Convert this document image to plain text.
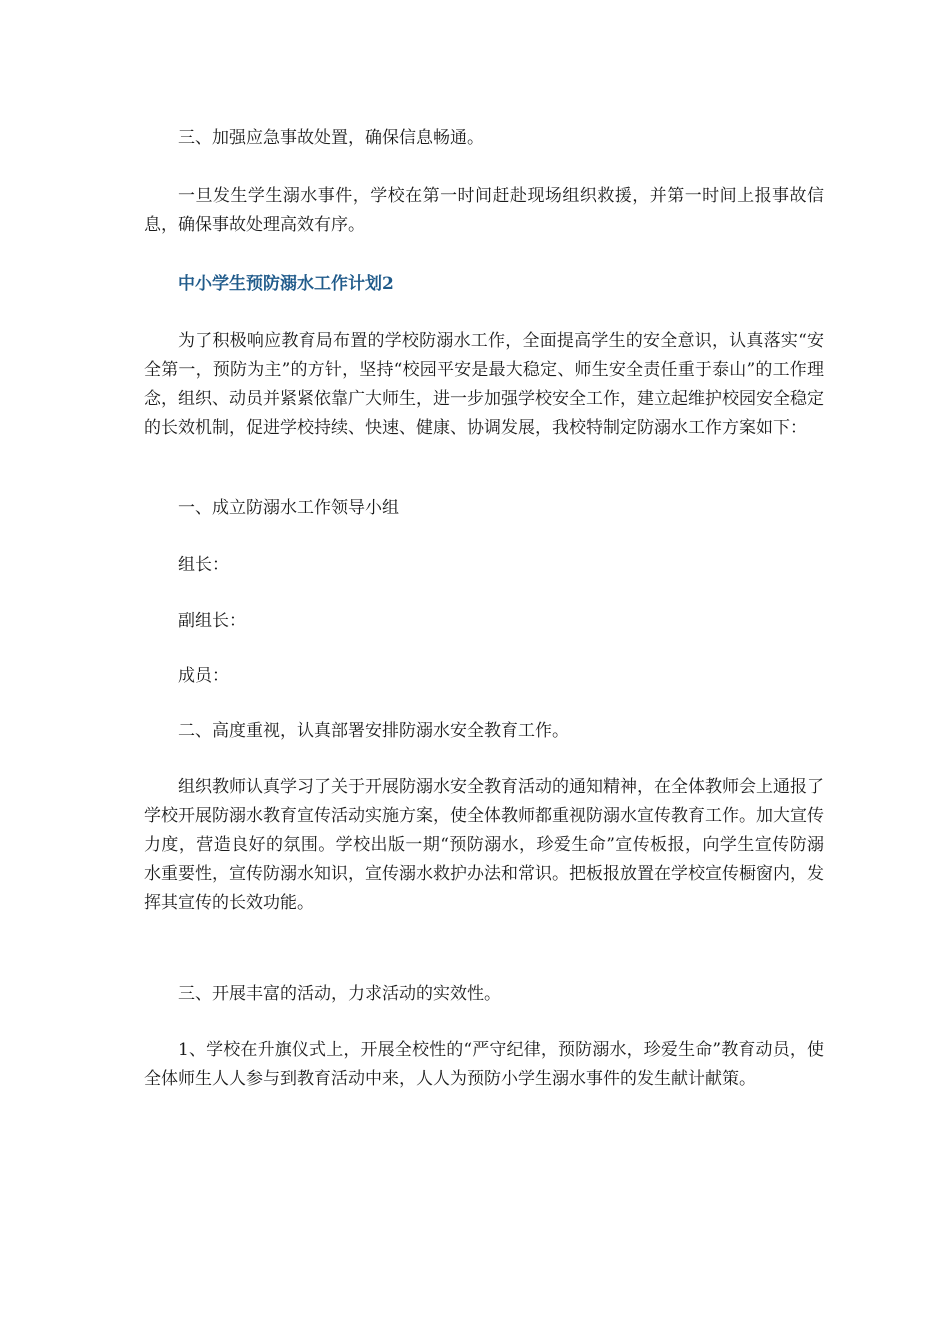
三、加强应急事故处置，确保信息畅通。

一旦发生学生溺水事件，学校在第一时间赶赴现场组织救援，并第一时间上报事故信息，确保事故处理高效有序。

中小学生预防溺水工作计划2

为了积极响应教育局布置的学校防溺水工作，全面提高学生的安全意识，认真落实“安全第一，预防为主”的方针，坚持“校园平安是最大稳定、师生安全责任重于泰山”的工作理念，组织、动员并紧紧依靠广大师生，进一步加强学校安全工作，建立起维护校园安全稳定的长效机制，促进学校持续、快速、健康、协调发展，我校特制定防溺水工作方案如下：

一、成立防溺水工作领导小组

组长：

副组长：

成员：

二、高度重视，认真部署安排防溺水安全教育工作。

组织教师认真学习了关于开展防溺水安全教育活动的通知精神，在全体教师会上通报了学校开展防溺水教育宣传活动实施方案，使全体教师都重视防溺水宣传教育工作。加大宣传力度，营造良好的氛围。学校出版一期“预防溺水，珍爱生命”宣传板报，向学生宣传防溺水重要性，宣传防溺水知识，宣传溺水救护办法和常识。把板报放置在学校宣传橱窗内，发挥其宣传的长效功能。

三、开展丰富的活动，力求活动的实效性。

1、学校在升旗仪式上，开展全校性的“严守纪律，预防溺水，珍爱生命”教育动员，使全体师生人人参与到教育活动中来，人人为预防小学生溺水事件的发生献计献策。
